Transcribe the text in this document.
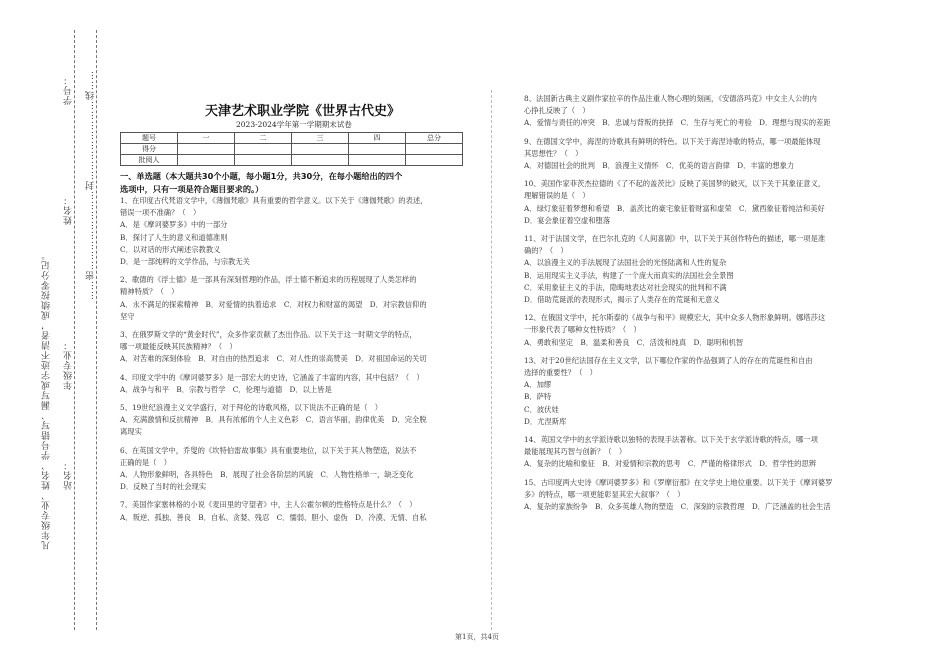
……密……………………封……………………线……
学号：
姓名：
凡年级专业、姓名、学号错写、漏写或字迹不清者，成绩按零分记。 年级专业：
站名：
天津艺术职业学院《世界古代史》
2023-2024学年第一学期期末试卷
题号	一	二	三	四	总分
得分					
批阅人					

一、单选题（本大题共30个小题，每小题1分，共30分，在每小题给出的四个

选项中，只有一项是符合题目要求的。）

1、在印度古代梵语文学中，《薄伽梵歌》具有重要的哲学意义。以下关于《薄伽梵歌》的表述，

错误一项不准确？（　）

A．是《摩诃婆罗多》中的一部分

B．探讨了人生的意义和道德准则

C．以对话的形式阐述宗教教义

D．是一部纯粹的文学作品，与宗教无关

2、歌德的《浮士德》是一部具有深刻哲理的作品，浮士德不断追求的历程展现了人类怎样的

精神特质？（　）

A．永不满足的探索精神　B．对爱情的执着追求　C．对权力和财富的渴望　D．对宗教信仰的

坚守

3、在俄罗斯文学的“黄金时代”，众多作家贡献了杰出作品。以下关于这一时期文学的特点，

哪一项最能反映其民族精神？（　）

A．对苦难的深刻体验　B．对自由的热烈追求　C．对人性的崇高赞美　D．对祖国命运的关切

4、印度文学中的《摩诃婆罗多》是一部宏大的史诗，它涵盖了丰富的内容，其中包括？（　）

A．战争与和平　B．宗教与哲学　C．伦理与道德　D．以上皆是

5、19世纪浪漫主义文学盛行，对于拜伦的诗歌风格，以下说法不正确的是（　）

A．充满激情和反抗精神　B．具有浓郁的个人主义色彩　C．语言华丽，韵律优美　D．完全脱

离现实

6、在英国文学中，乔叟的《坎特伯雷故事集》具有重要地位，以下关于其人物塑造，说法不

正确的是（　）

A．人物形象鲜明，各具特色　B．展现了社会各阶层的风貌　C．人物性格单一，缺乏变化

D．反映了当时的社会现实

7、美国作家塞林格的小说《麦田里的守望者》中，主人公霍尔顿的性格特点是什么？（　）

A．叛逆、孤独、善良　B．自私、贪婪、残忍　C．懦弱、胆小、虚伪　D．冷漠、无情、自私

8、法国新古典主义剧作家拉辛的作品注重人物心理的刻画，《安德洛玛克》中女主人公的内

心挣扎反映了（　）

A．爱情与责任的冲突　B．忠诚与背叛的抉择　C．生存与死亡的考验　D．理想与现实的差距

9、在德国文学中，海涅的诗歌具有鲜明的特色。以下关于海涅诗歌的特点，哪一项最能体现

其思想性？（　）

A．对德国社会的批判　B．浪漫主义情怀　C．优美的语言韵律　D．丰富的想象力

10、美国作家菲茨杰拉德的《了不起的盖茨比》反映了美国梦的破灭，以下关于其象征意义，

理解错误的是（　）

A．绿灯象征着梦想和希望　B．盖茨比的豪宅象征着财富和虚荣　C．黛西象征着纯洁和美好

D．宴会象征着空虚和堕落

11、对于法国文学，在巴尔扎克的《人间喜剧》中，以下关于其创作特色的描述，哪一项是准

确的？（　）

A．以浪漫主义的手法展现了法国社会的光怪陆离和人性的复杂

B．运用现实主义手法，构建了一个庞大而真实的法国社会全景图

C．采用象征主义的手法，隐晦地表达对社会现实的批判和不满

D．借助荒诞派的表现形式，揭示了人类存在的荒诞和无意义

12、在俄国文学中，托尔斯泰的《战争与和平》规模宏大，其中众多人物形象鲜明。娜塔莎这

一形象代表了哪种女性特质？（　）

A．勇敢和坚定　B．温柔和善良　C．活泼和纯真　D．聪明和机智

13、对于20世纪法国存在主义文学，以下哪位作家的作品强调了人的存在的荒诞性和自由

选择的重要性？（　）

A．加缪

B．萨特

C．波伏娃

D．尤涅斯库

14、英国文学中的玄学派诗歌以独特的表现手法著称。以下关于玄学派诗歌的特点，哪一项

最能展现其巧智与创新？（　）

A．复杂的比喻和象征　B．对爱情和宗教的思考　C．严谨的格律形式　D．哲学性的思辨

15、古印度两大史诗《摩诃婆罗多》和《罗摩衍那》在文学史上地位重要。以下关于《摩诃婆罗

多》的特点，哪一项更能彰显其宏大叙事？（　）

A．复杂的家族纷争　B．众多英雄人物的塑造　C．深刻的宗教哲理　D．广泛涵盖的社会生活

第1页，共4页
